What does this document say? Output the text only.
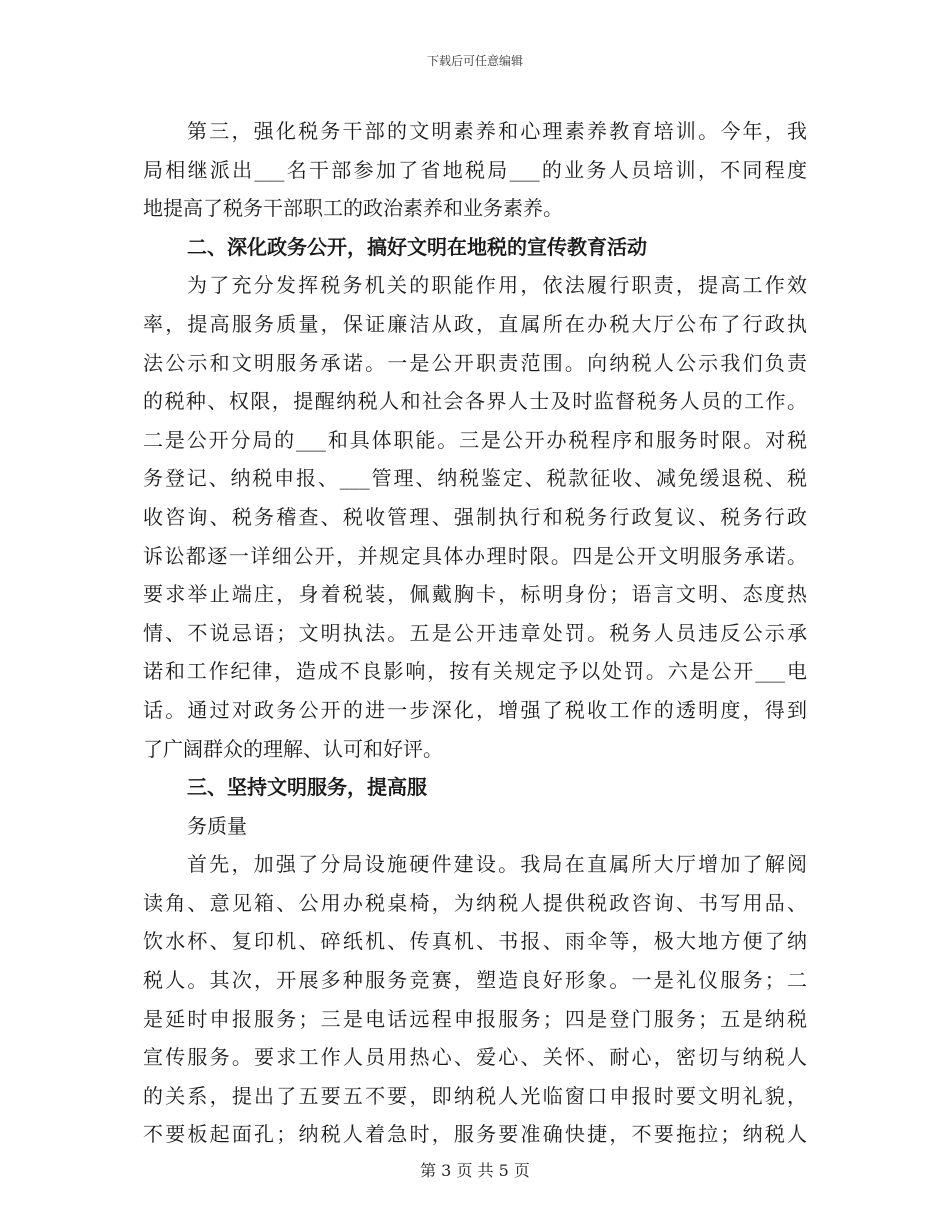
下载后可任意编辑
第三，强化税务干部的文明素养和心理素养教育培训。今年，我
局相继派出___名干部参加了省地税局___的业务人员培训，不同程度
地提高了税务干部职工的政治素养和业务素养。
二、深化政务公开，搞好文明在地税的宣传教育活动
为了充分发挥税务机关的职能作用，依法履行职责，提高工作效
率，提高服务质量，保证廉洁从政，直属所在办税大厅公布了行政执
法公示和文明服务承诺。一是公开职责范围。向纳税人公示我们负责
的税种、权限，提醒纳税人和社会各界人士及时监督税务人员的工作。
二是公开分局的___和具体职能。三是公开办税程序和服务时限。对税
务登记、纳税申报、___管理、纳税鉴定、税款征收、减免缓退税、税
收咨询、税务稽查、税收管理、强制执行和税务行政复议、税务行政
诉讼都逐一详细公开，并规定具体办理时限。四是公开文明服务承诺。
要求举止端庄，身着税装，佩戴胸卡，标明身份；语言文明、态度热
情、不说忌语；文明执法。五是公开违章处罚。税务人员违反公示承
诺和工作纪律，造成不良影响，按有关规定予以处罚。六是公开___电
话。通过对政务公开的进一步深化，增强了税收工作的透明度，得到
了广阔群众的理解、认可和好评。
三、坚持文明服务，提高服
务质量
首先，加强了分局设施硬件建设。我局在直属所大厅增加了解阅
读角、意见箱、公用办税桌椅，为纳税人提供税政咨询、书写用品、
饮水杯、复印机、碎纸机、传真机、书报、雨伞等，极大地方便了纳
税人。其次，开展多种服务竞赛，塑造良好形象。一是礼仪服务；二
是延时申报服务；三是电话远程申报服务；四是登门服务；五是纳税
宣传服务。要求工作人员用热心、爱心、关怀、耐心，密切与纳税人
的关系，提出了五要五不要，即纳税人光临窗口申报时要文明礼貌，
不要板起面孔；纳税人着急时，服务要准确快捷，不要拖拉；纳税人
第 3 页 共 5 页
